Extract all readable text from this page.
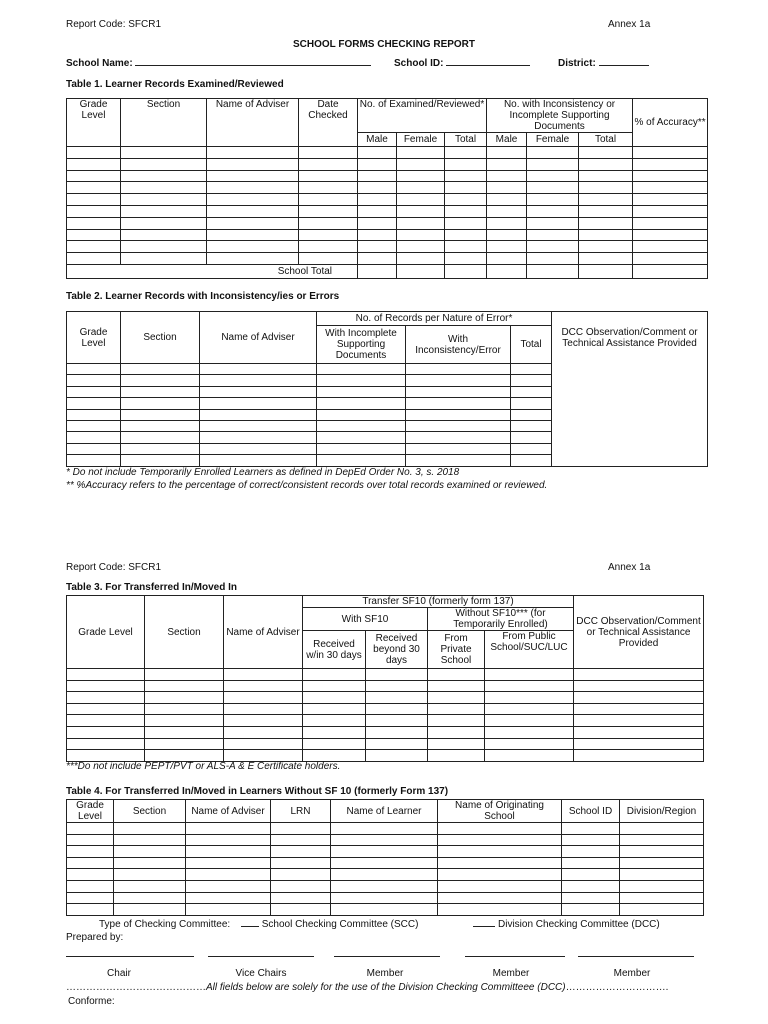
Report Code: SFCR1	Annex 1a
SCHOOL FORMS CHECKING REPORT
School Name:	School ID:	District:
Table 1. Learner Records Examined/Reviewed
Grade Level	Section	Name of Adviser	Date Checked	No. of Examined/Reviewed*			No. with Inconsistency or Incomplete Supporting Documents			% of Accuracy**
				Male	Female	Total	Male	Female	Total	

School Total										
Table 2. Learner Records with Inconsistency/ies or Errors
Grade Level	Section	Name of Adviser	No. of Records per Nature of Error*			DCC Observation/Comment or Technical Assistance Provided
			With Incomplete Supporting Documents	With Inconsistency/Error	Total	

* Do not include Temporarily Enrolled Learners as defined in DepEd Order No. 3, s. 2018
** %Accuracy refers to the percentage of correct/consistent records over total records examined or reviewed.
Report Code: SFCR1	Annex 1a
Table 3. For Transferred In/Moved In
Grade Level	Section	Name of Adviser	Transfer SF10 (formerly form 137)				DCC Observation/Comment or Technical Assistance Provided
			With SF10		Without SF10*** (for Temporarily Enrolled)		
			Received w/in 30 days	Received beyond 30 days	From Private School	From Public School/SUC/LUC	

***Do not include PEPT/PVT or ALS-A & E Certificate holders.
Table 4. For Transferred In/Moved in Learners Without SF 10 (formerly Form 137)
Grade Level	Section	Name of Adviser	LRN	Name of Learner	Name of Originating School	School ID	Division/Region

Type of Checking Committee:	School Checking Committee (SCC)	Division Checking Committee (DCC)
Prepared by:
Chair	Vice Chairs	Member	Member	Member
……………………………………All fields below are solely for the use of the Division Checking Committeee (DCC)………………………….
Conforme:
